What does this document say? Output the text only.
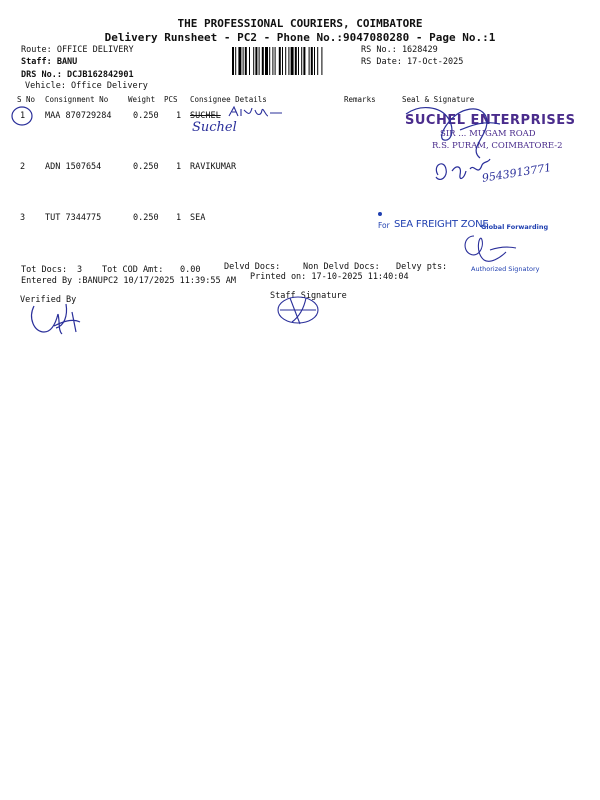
THE PROFESSIONAL COURIERS, COIMBATORE
Delivery Runsheet - PC2 - Phone No.:9047080280 - Page No.:1
Route: OFFICE DELIVERY
Staff: BANU
DRS No.: DCJB162842901
Vehicle: Office Delivery
RS No.: 1628429
RS Date: 17-Oct-2025
S No Consignment No	Weight PCS Consignee Details	Remarks	Seal & Signature
1 MAA 870729284	0.250 1 SUCHEL
Suchel	SUCHEL ENTERPRISES
SIR ... MUGAM ROAD
R.S. PURAM, COIMBATORE-2
2 ADN 1507654	0.250 1 RAVIKUMAR	9543913771
3 TUT 7344775	0.250 1 SEA
For SEA FREIGHT ZONE
Global Forwarding
Authorized Signatory
Tot Docs: 3 Tot COD Amt: 0.00	Delvd Docs:	Non Delvd Docs: Delvy pts:
Entered By :BANUPC2 10/17/2025 11:39:55 AM Printed on: 17-10-2025 11:40:04
Verified By	Staff Signature
